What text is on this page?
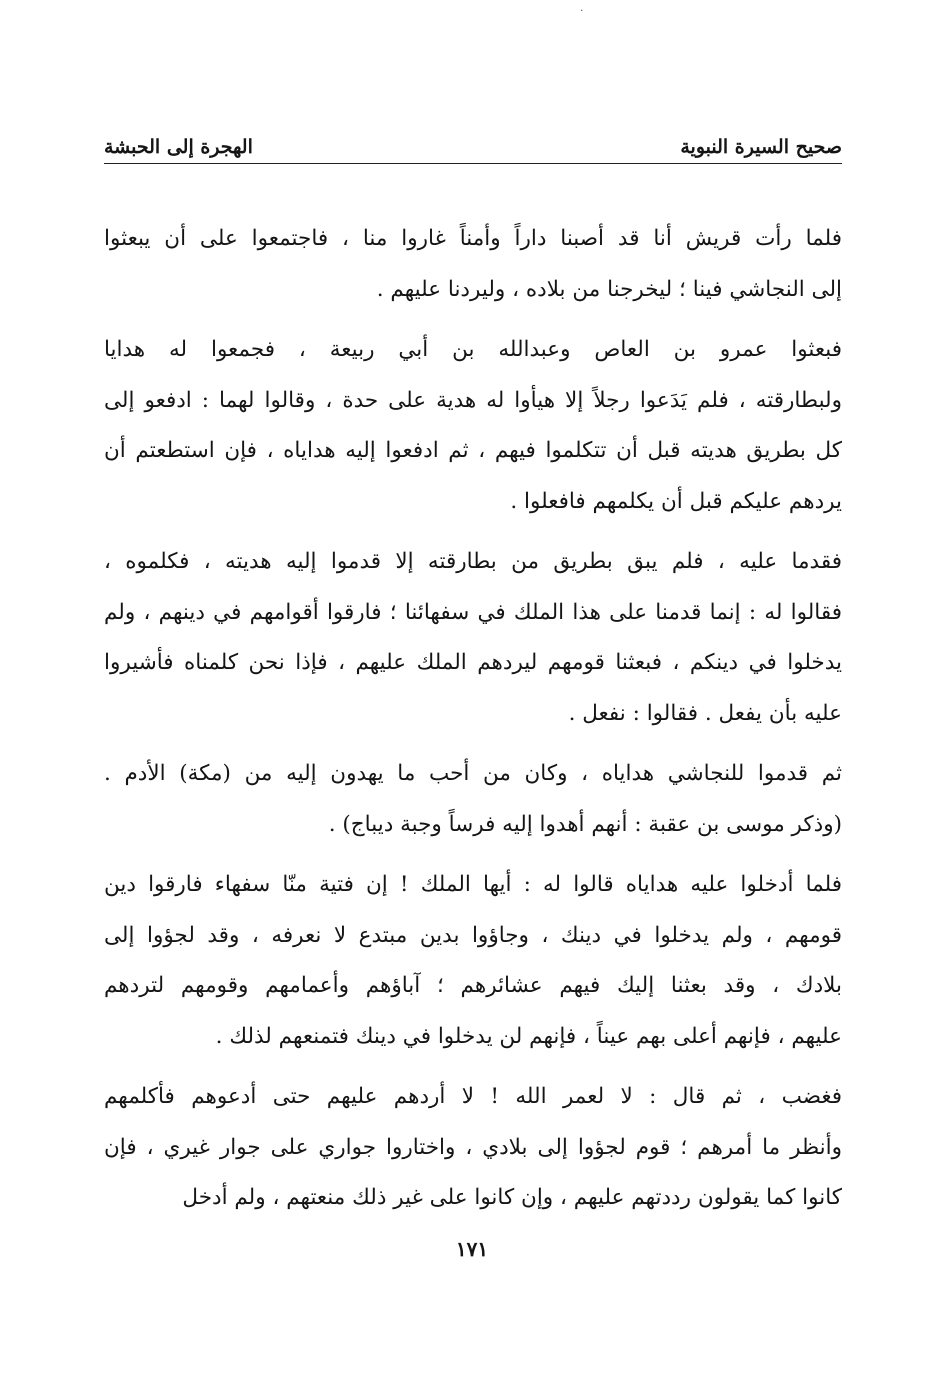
·
صحيح السيرة النبوية
الهجرة إلى الحبشة

فلما رأت قريش أنا قد أصبنا داراً وأمناً غاروا منا ، فاجتمعوا على أن يبعثوا
إلى النجاشي فينا ؛ ليخرجنا من بلاده ، وليردنا عليهم .

فبعثوا عمرو بن العاص وعبدالله بن أبي ربيعة ، فجمعوا له هدايا
ولبطارقته ، فلم يَدَعوا رجلاً إلا هيأوا له هدية على حدة ، وقالوا لهما : ادفعو إلى
كل بطريق هديته قبل أن تتكلموا فيهم ، ثم ادفعوا إليه هداياه ، فإن استطعتم أن
يردهم عليكم قبل أن يكلمهم فافعلوا .

فقدما عليه ، فلم يبق بطريق من بطارقته إلا قدموا إليه هديته ، فكلموه ،
فقالوا له : إنما قدمنا على هذا الملك في سفهائنا ؛ فارقوا أقوامهم في دينهم ، ولم
يدخلوا في دينكم ، فبعثنا قومهم ليردهم الملك عليهم ، فإذا نحن كلمناه فأشيروا
عليه بأن يفعل . فقالوا : نفعل .

ثم قدموا للنجاشي هداياه ، وكان من أحب ما يهدون إليه من (مكة) الأدم .
(وذكر موسى بن عقبة : أنهم أهدوا إليه فرساً وجبة ديباج) .

فلما أدخلوا عليه هداياه قالوا له : أيها الملك ! إن فتية منّا سفهاء فارقوا دين
قومهم ، ولم يدخلوا في دينك ، وجاؤوا بدين مبتدع لا نعرفه ، وقد لجؤوا إلى
بلادك ، وقد بعثنا إليك فيهم عشائرهم ؛ آباؤهم وأعمامهم وقومهم لتردهم
عليهم ، فإنهم أعلى بهم عيناً ، فإنهم لن يدخلوا في دينك فتمنعهم لذلك .

فغضب ، ثم قال : لا لعمر الله ! لا أردهم عليهم حتى أدعوهم فأكلمهم
وأنظر ما أمرهم ؛ قوم لجؤوا إلى بلادي ، واختاروا جواري على جوار غيري ، فإن
كانوا كما يقولون رددتهم عليهم ، وإن كانوا على غير ذلك منعتهم ، ولم أدخل

١٧١
